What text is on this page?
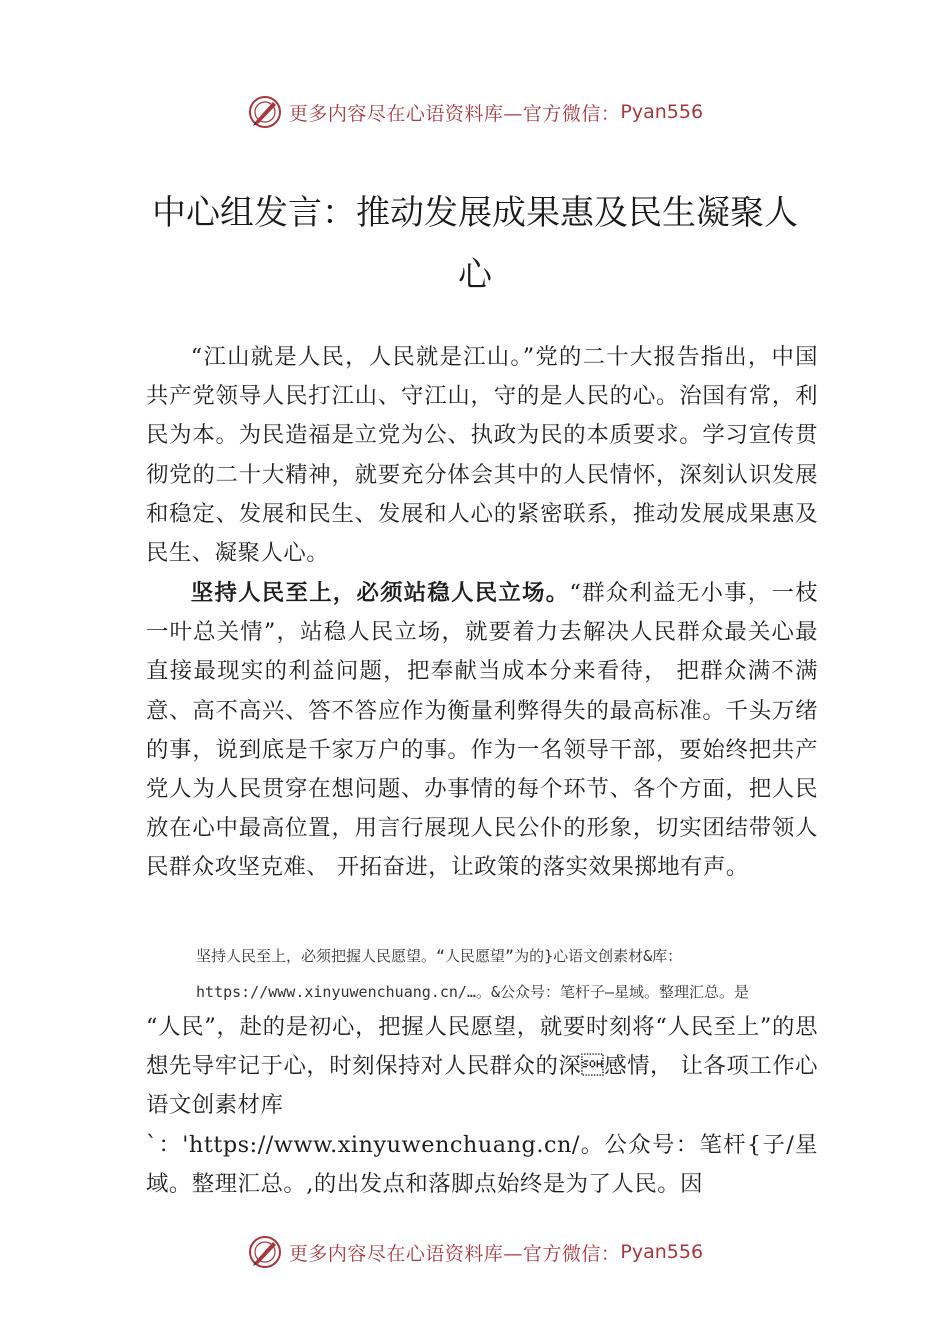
更多内容尽在心语资料库—官方微信： Pyan556
中心组发言：推动发展成果惠及民生凝聚人心

“江山就是人民，人民就是江山。”党的二十大报告指出，中国共产党领导人民打江山、守江山，守的是人民的心。治国有常，利民为本。为民造福是立党为公、执政为民的本质要求。学习宣传贯彻党的二十大精神，就要充分体会其中的人民情怀，深刻认识发展和稳定、发展和民生、发展和人心的紧密联系，推动发展成果惠及民生、凝聚人心。

坚持人民至上，必须站稳人民立场。“群众利益无小事，一枝一叶总关情”，站稳人民立场，就要着力去解决人民群众最关心最直接最现实的利益问题，把奉献当成本分来看待， 把群众满不满意、高不高兴、答不答应作为衡量利弊得失的最高标准。千头万绪的事，说到底是千家万户的事。作为一名领导干部，要始终把共产党人为人民贯穿在想问题、办事情的每个环节、各个方面，把人民放在心中最高位置，用言行展现人民公仆的形象，切实团结带领人民群众攻坚克难、 开拓奋进，让政策的落实效果掷地有声。

坚持人民至上，必须把握人民愿望。“人民愿望”为的}心语文创素材&库：
https://www.xinyuwenchuang.cn/…。&公众号：笔杆子—星域。整理汇总。是

“人民”，赴的是初心，把握人民愿望，就要时刻将“人民至上”的思想先导牢记于心，时刻保持对人民群众的深感情， 让各项工作心语文创素材库

`：'https://www.xinyuwenchuang.cn/。公众号：笔杆{子/星域。整理汇总。,的出发点和落脚点始终是为了人民。因

更多内容尽在心语资料库—官方微信： Pyan556
